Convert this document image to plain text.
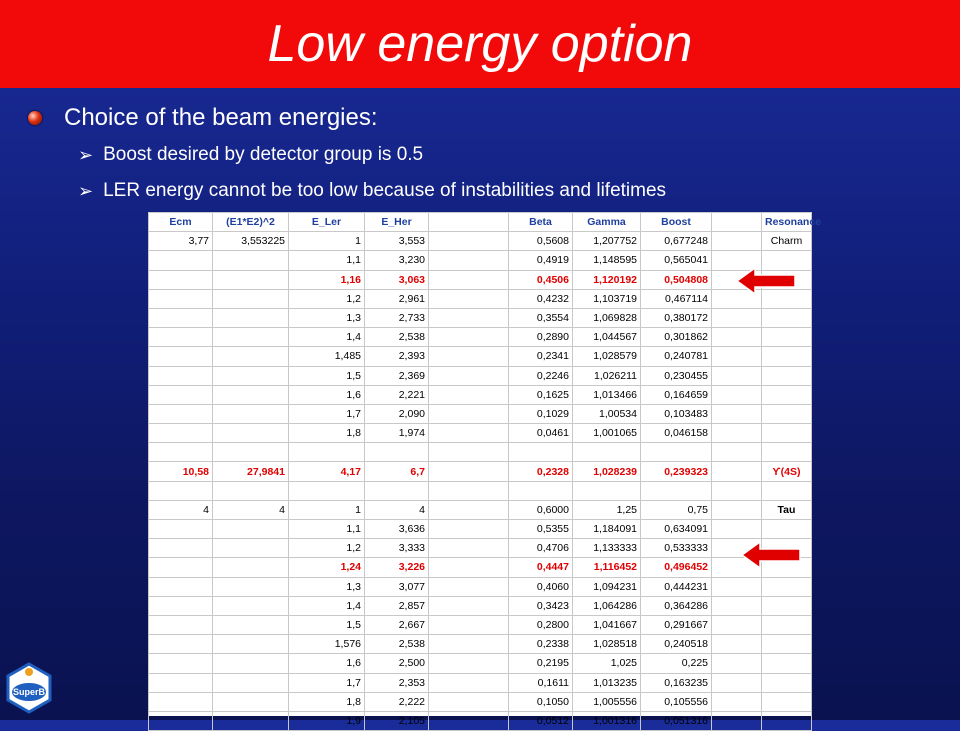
Low energy option
Choice of the beam energies:
➢ Boost desired by detector group is 0.5
➢ LER energy cannot be too low because of instabilities and lifetimes
Ecm	(E1*E2)^2	E_Ler	E_Her		Beta	Gamma	Boost		Resonance
3,77	3,553225	1	3,553		0,5608	1,207752	0,677248		Charm
		1,1	3,230		0,4919	1,148595	0,565041		
		1,16	3,063		0,4506	1,120192	0,504808		
		1,2	2,961		0,4232	1,103719	0,467114		
		1,3	2,733		0,3554	1,069828	0,380172		
		1,4	2,538		0,2890	1,044567	0,301862		
		1,485	2,393		0,2341	1,028579	0,240781		
		1,5	2,369		0,2246	1,026211	0,230455		
		1,6	2,221		0,1625	1,013466	0,164659		
		1,7	2,090		0,1029	1,00534	0,103483		
		1,8	1,974		0,0461	1,001065	0,046158		

10,58	27,9841	4,17	6,7		0,2328	1,028239	0,239323		ϒ(4S)

4	4	1	4		0,6000	1,25	0,75		Tau
		1,1	3,636		0,5355	1,184091	0,634091		
		1,2	3,333		0,4706	1,133333	0,533333		
		1,24	3,226		0,4447	1,116452	0,496452		
		1,3	3,077		0,4060	1,094231	0,444231		
		1,4	2,857		0,3423	1,064286	0,364286		
		1,5	2,667		0,2800	1,041667	0,291667		
		1,576	2,538		0,2338	1,028518	0,240518		
		1,6	2,500		0,2195	1,025	0,225		
		1,7	2,353		0,1611	1,013235	0,163235		
		1,8	2,222		0,1050	1,005556	0,105556		
		1,9	2,105		0,0512	1,001316	0,051316		
SuperB
